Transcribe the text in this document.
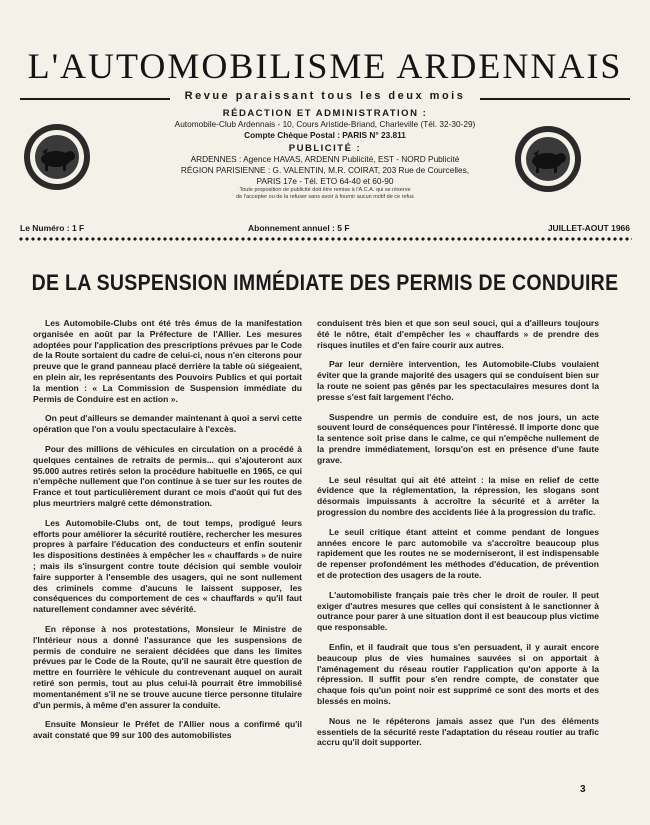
L'AUTOMOBILISME ARDENNAIS
Revue paraissant tous les deux mois
RÉDACTION ET ADMINISTRATION :
Automobile-Club Ardennais - 10, Cours Aristide-Briand, Charleville (Tél. 32-30-29)
Compte Chèque Postal : PARIS N° 23.811
PUBLICITÉ :
ARDENNES : Agence HAVAS, ARDENN Publicité, EST - NORD Publicité
RÉGION PARISIENNE : G. VALENTIN, M.R. COIRAT, 203 Rue de Courcelles,
PARIS 17e - Tél. ETO 64-40 et 60-90
Toute proposition de publicité doit être remise à l'A.C.A. qui se réserve
de l'accepter ou de la refuser sans avoir à fournir aucun motif de ce refus
Le Numéro : 1 F	Abonnement annuel : 5 F	JUILLET-AOUT 1966
DE LA SUSPENSION IMMÉDIATE DES PERMIS DE CONDUIRE

Les Automobile-Clubs ont été très émus de la manifestation organisée en août par la Préfecture de l'Allier. Les mesures adoptées pour l'application des prescriptions prévues par le Code de la Route sortaient du cadre de celui-ci, nous n'en citerons pour preuve que le grand panneau placé derrière la table où siégeaient, en plein air, les représentants des Pouvoirs Publics et qui portait la mention : « La Commission de Suspension immédiate du Permis de Conduire est en action ».

On peut d'ailleurs se demander maintenant à quoi a servi cette opération que l'on a voulu spectaculaire à l'excès.

Pour des millions de véhicules en circulation on a procédé à quelques centaines de retraits de permis... qui s'ajouteront aux 95.000 autres retirés selon la procédure habituelle en 1965, ce qui n'empêche nullement que l'on continue à se tuer sur les routes de France et tout particulièrement durant ce mois d'août qui fut des plus meurtriers malgré cette démonstration.

Les Automobile-Clubs ont, de tout temps, prodigué leurs efforts pour améliorer la sécurité routière, rechercher les mesures propres à parfaire l'éducation des conducteurs et enfin soutenir les dispositions destinées à empêcher les « chauffards » de nuire ; mais ils s'insurgent contre toute décision qui semble vouloir faire supporter à l'ensemble des usagers, qui ne sont nullement des criminels comme d'aucuns le laissent supposer, les conséquences du comportement de ces « chauffards » qu'il faut naturellement condamner avec sévérité.

En réponse à nos protestations, Monsieur le Ministre de l'Intérieur nous a donné l'assurance que les suspensions de permis de conduire ne seraient décidées que dans les limites prévues par le Code de la Route, qu'il ne saurait être question de mettre en fourrière le véhicule du contrevenant auquel on aurait retiré son permis, tout au plus celui-là pourrait être immobilisé momentanément s'il ne se trouve aucune tierce personne titulaire d'un permis, à même d'en assurer la conduite.

Ensuite Monsieur le Préfet de l'Allier nous a confirmé qu'il avait constaté que 99 sur 100 des automobilistes

conduisent très bien et que son seul souci, qui a d'ailleurs toujours été le nôtre, était d'empêcher les « chauffards » de prendre des risques inutiles et d'en faire courir aux autres.

Par leur dernière intervention, les Automobile-Clubs voulaient éviter que la grande majorité des usagers qui se conduisent bien sur la route ne soient pas gênés par les spectaculaires mesures dont la presse s'est fait largement l'écho.

Suspendre un permis de conduire est, de nos jours, un acte souvent lourd de conséquences pour l'intéressé. Il importe donc que la sentence soit prise dans le calme, ce qui n'empêche nullement de la prendre immédiatement, lorsqu'on est en présence d'une faute grave.

Le seul résultat qui ait été atteint : la mise en relief de cette évidence que la réglementation, la répression, les slogans sont désormais impuissants à accroître la sécurité et à arrêter la progression du nombre des accidents liée à la progression du trafic.

Le seuil critique étant atteint et comme pendant de longues années encore le parc automobile va s'accroître beaucoup plus rapidement que les routes ne se moderniseront, il est indispensable de repenser profondément les méthodes d'éducation, de prévention et de protection des usagers de la route.

L'automobiliste français paie très cher le droit de rouler. Il peut exiger d'autres mesures que celles qui consistent à le sanctionner à outrance pour parer à une situation dont il est beaucoup plus victime que responsable.

Enfin, et il faudrait que tous s'en persuadent, il y aurait encore beaucoup plus de vies humaines sauvées si on apportait à l'aménagement du réseau routier l'application qu'on apporte à la répression. Il suffit pour s'en rendre compte, de constater que chaque fois qu'un point noir est supprimé ce sont des morts et des blessés en moins.

Nous ne le répéterons jamais assez que l'un des éléments essentiels de la sécurité reste l'adaptation du réseau routier au trafic accru qu'il doit supporter.

3
